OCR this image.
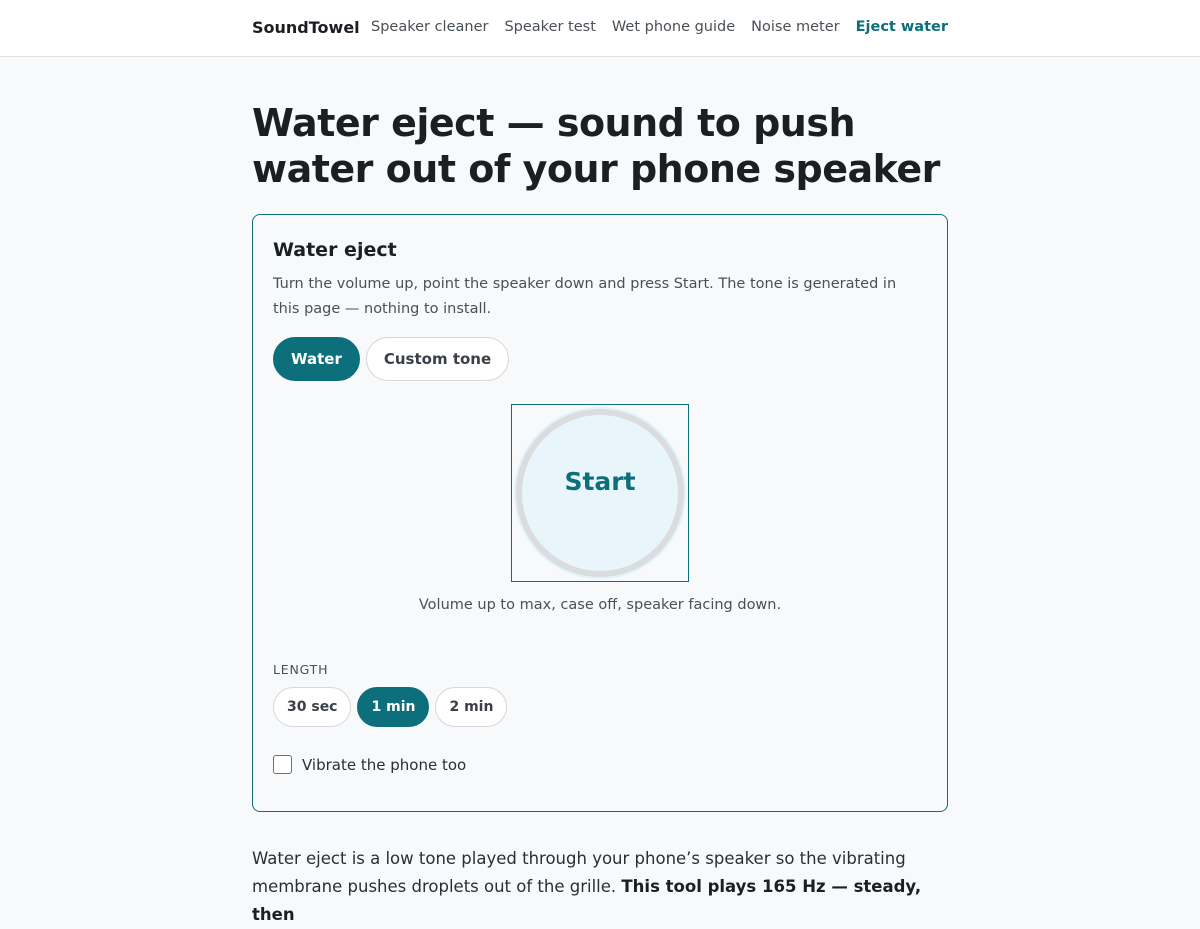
SoundTowel Speaker cleaner Speaker test Wet phone guide Noise meter Eject water
Water eject — sound to push water out of your phone speaker
Water eject

Turn the volume up, point the speaker down and press Start. The tone is generated in this page — nothing to install.

Water	Custom tone
Start

Volume up to max, case off, speaker facing down.

LENGTH
30 sec	1 min	2 min
Vibrate the phone too

Water eject is a low tone played through your phone’s speaker so the vibrating membrane pushes droplets out of the grille. This tool plays 165 Hz — steady, then
